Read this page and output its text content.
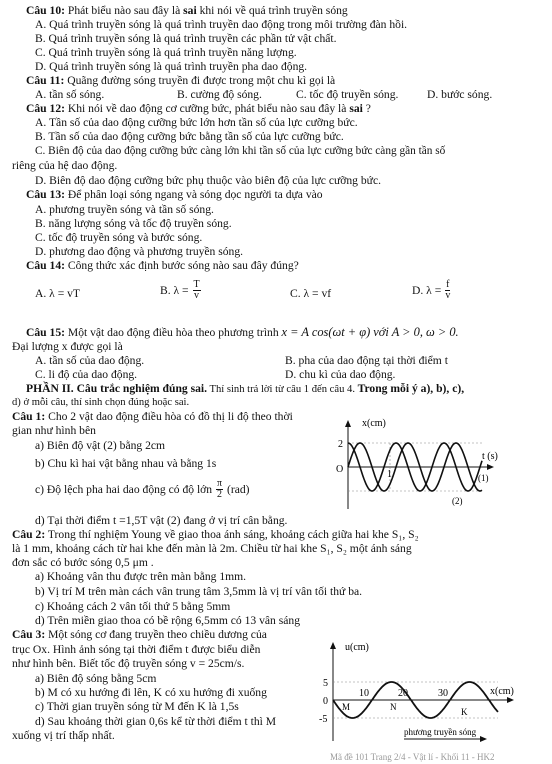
Câu 10: Phát biểu nào sau đây là sai khi nói về quá trình truyền sóng
A. Quá trình truyền sóng là quá trình truyền dao động trong môi trường đàn hồi.
B. Quá trình truyền sóng là quá trình truyền các phần tử vật chất.
C. Quá trình truyền sóng là quá trình truyền năng lượng.
D. Quá trình truyền sóng là quá trình truyền pha dao động.
Câu 11: Quãng đường sóng truyền đi được trong một chu kì gọi là
A. tần số sóng.	B. cường độ sóng.	C. tốc độ truyền sóng. D. bước sóng.
Câu 12: Khi nói về dao động cơ cưỡng bức, phát biểu nào sau đây là sai ?
A. Tần số của dao động cưỡng bức lớn hơn tần số của lực cưỡng bức.
B. Tần số của dao động cưỡng bức bằng tần số của lực cưỡng bức.
C. Biên độ của dao động cưỡng bức càng lớn khi tần số của lực cưỡng bức càng gần tần số
riêng của hệ dao động.
D. Biên độ dao động cưỡng bức phụ thuộc vào biên độ của lực cưỡng bức.
Câu 13: Để phân loại sóng ngang và sóng dọc người ta dựa vào
A. phương truyền sóng và tần số sóng.
B. năng lượng sóng và tốc độ truyền sóng.
C. tốc độ truyền sóng và bước sóng.
D. phương dao động và phương truyền sóng.
Câu 14: Công thức xác định bước sóng nào sau đây đúng?
A. λ = vT	B. $\lambda = \frac{T}{v}$	C. λ = vf	D. $\lambda = \frac{f}{v}$
Câu 15: Một vật dao động điều hòa theo phương trình x = A cos(ωt + φ) với A > 0, ω > 0.
Đại lượng x được gọi là
A. tần số của dao động.	B. pha của dao động tại thời điểm t
C. li độ của dao động.	D. chu kì của dao động.
PHẦN II. Câu trắc nghiệm đúng sai. Thí sinh trả lời từ câu 1 đến câu 4. Trong mỗi ý a), b), c),
d) ở mỗi câu, thí sinh chọn đúng hoặc sai.
Câu 1: Cho 2 vật dao động điều hòa có đồ thị li độ theo thời
gian như hình bên
a) Biên độ vật (2) bằng 2cm
b) Chu kì hai vật bằng nhau và bằng 1s
c) Độ lệch pha hai dao động có độ lớn $\frac{\pi}{2} (rad)$
d) Tại thời điểm t =1,5T vật (2) đang ở vị trí cân bằng.
x(cm)
t (s)
2
O	1	(1)
(2)
Câu 2: Trong thí nghiệm Young về giao thoa ánh sáng, khoảng cách giữa hai khe S₁, S₂
là 1 mm, khoảng cách từ hai khe đến màn là 2m. Chiều từ hai khe S₁, S₂ một ánh sáng
đơn sắc có bước sóng 0,5 μm .
a) Khoảng vân thu được trên màn bằng 1mm.
b) Vị trí M trên màn cách vân trung tâm 3,5mm là vị trí vân tối thứ ba.
c) Khoảng cách 2 vân tối thứ 5 bằng 5mm
d) Trên miền giao thoa có bề rộng 6,5mm có 13 vân sáng
Câu 3: Một sóng cơ đang truyền theo chiều dương của
trục Ox. Hình ảnh sóng tại thời điểm t được biểu diễn
như hình bên. Biết tốc độ truyền sóng v = 25cm/s.
a) Biên độ sóng bằng 5cm
b) M có xu hướng đi lên, K có xu hướng đi xuống
c) Thời gian truyền sóng từ M đến K là 1,5s
d) Sau khoảng thời gian 0,6s kể từ thời điểm t thì M
xuống vị trí thấp nhất.
u(cm)
x(cm)
5
-5
0
10	20	30
M	N	K
phương truyền sóng
Mã đề 101 Trang 2/4 - Vật lí - Khối 11 - HK2
